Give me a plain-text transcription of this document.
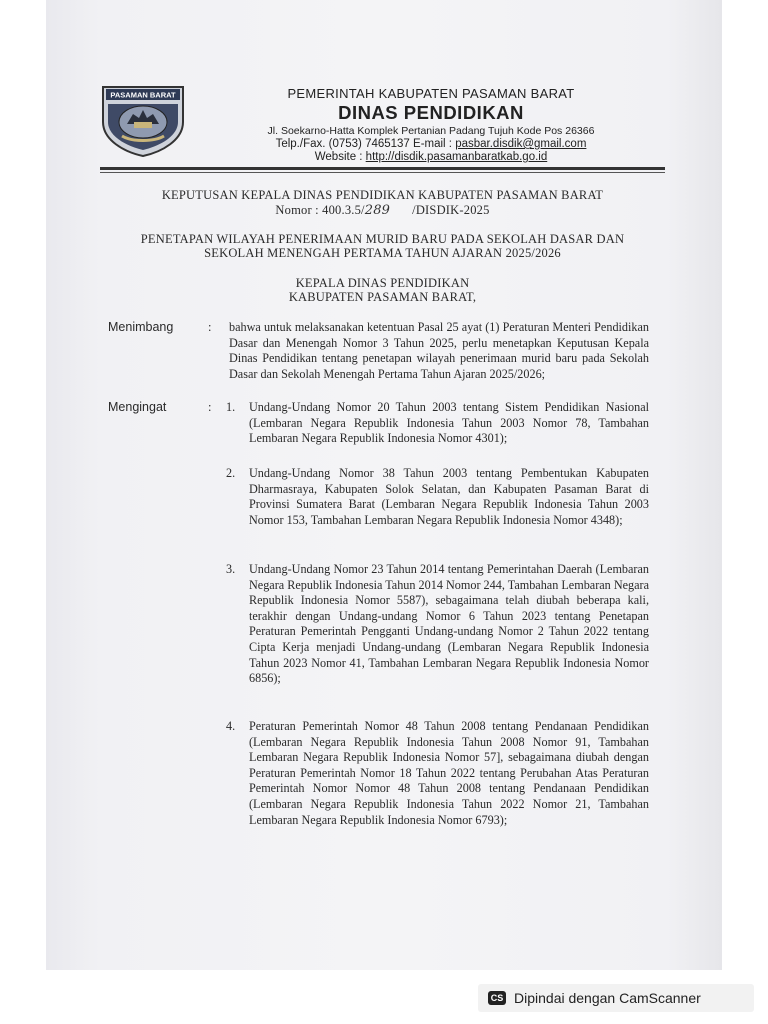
PASAMAN BARAT	PEMERINTAH KABUPATEN PASAMAN BARAT
DINAS PENDIDIKAN
Jl. Soekarno-Hatta Komplek Pertanian Padang Tujuh Kode Pos 26366
Telp./Fax. (0753) 7465137 E-mail : pasbar.disdik@gmail.com
Website : http://disdik.pasamanbaratkab.go.id
KEPUTUSAN KEPALA DINAS PENDIDIKAN KABUPATEN PASAMAN BARAT
Nomor : 400.3.5/289 /DISDIK-2025
PENETAPAN WILAYAH PENERIMAAN MURID BARU PADA SEKOLAH DASAR DAN
SEKOLAH MENENGAH PERTAMA TAHUN AJARAN 2025/2026
KEPALA DINAS PENDIDIKAN
KABUPATEN PASAMAN BARAT,
Menimbang	: bahwa untuk melaksanakan ketentuan Pasal 25 ayat (1) Peraturan Menteri Pendidikan Dasar dan Menengah Nomor 3 Tahun 2025, perlu menetapkan Keputusan Kepala Dinas Pendidikan tentang penetapan wilayah penerimaan murid baru pada Sekolah Dasar dan Sekolah Menengah Pertama Tahun Ajaran 2025/2026;
Mengingat	: 1. Undang-Undang Nomor 20 Tahun 2003 tentang Sistem Pendidikan Nasional (Lembaran Negara Republik Indonesia Tahun 2003 Nomor 78, Tambahan Lembaran Negara Republik Indonesia Nomor 4301);
2. Undang-Undang Nomor 38 Tahun 2003 tentang Pembentukan Kabupaten Dharmasraya, Kabupaten Solok Selatan, dan Kabupaten Pasaman Barat di Provinsi Sumatera Barat (Lembaran Negara Republik Indonesia Tahun 2003 Nomor 153, Tambahan Lembaran Negara Republik Indonesia Nomor 4348);
3. Undang-Undang Nomor 23 Tahun 2014 tentang Pemerintahan Daerah (Lembaran Negara Republik Indonesia Tahun 2014 Nomor 244, Tambahan Lembaran Negara Republik Indonesia Nomor 5587), sebagaimana telah diubah beberapa kali, terakhir dengan Undang-undang Nomor 6 Tahun 2023 tentang Penetapan Peraturan Pemerintah Pengganti Undang-undang Nomor 2 Tahun 2022 tentang Cipta Kerja menjadi Undang-undang (Lembaran Negara Republik Indonesia Tahun 2023 Nomor 41, Tambahan Lembaran Negara Republik Indonesia Nomor 6856);
4. Peraturan Pemerintah Nomor 48 Tahun 2008 tentang Pendanaan Pendidikan (Lembaran Negara Republik Indonesia Tahun 2008 Nomor 91, Tambahan Lembaran Negara Republik Indonesia Nomor 57], sebagaimana diubah dengan Peraturan Pemerintah Nomor 18 Tahun 2022 tentang Perubahan Atas Peraturan Pemerintah Nomor Nomor 48 Tahun 2008 tentang Pendanaan Pendidikan (Lembaran Negara Republik Indonesia Tahun 2022 Nomor 21, Tambahan Lembaran Negara Republik Indonesia Nomor 6793);
CS Dipindai dengan CamScanner
